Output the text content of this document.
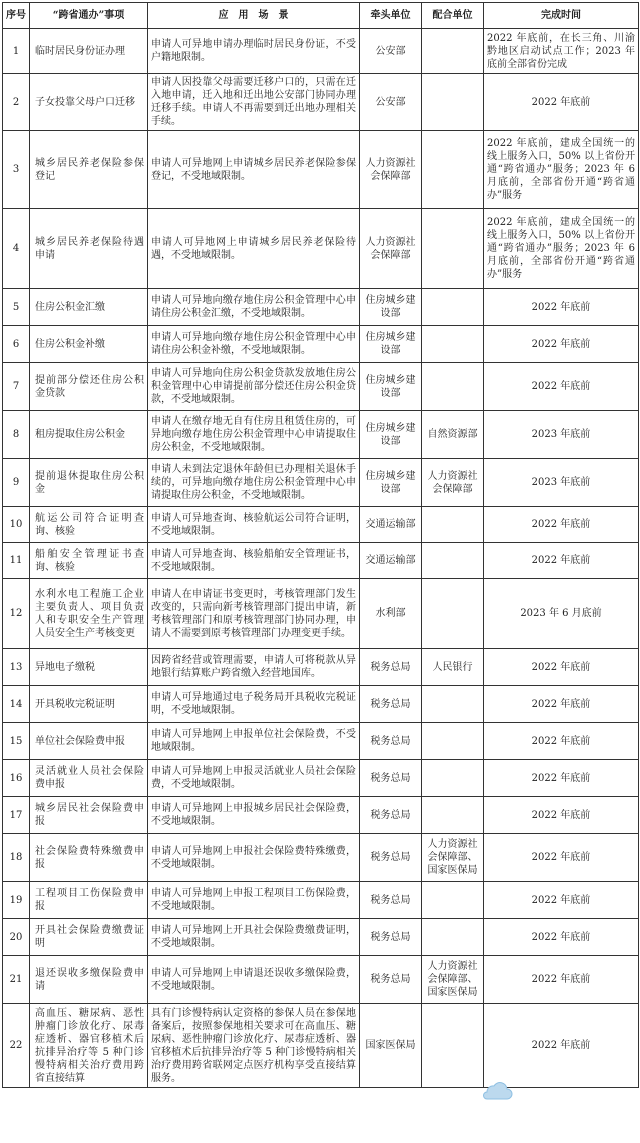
序号	“跨省通办”事项	应　用　场　景	牵头单位	配合单位	完成时间
1	临时居民身份证办理	申请人可异地申请办理临时居民身份证，不受户籍地限制。	公安部		2022 年底前，在长三角、川渝黔地区启动试点工作；2023 年底前全部省份完成
2	子女投靠父母户口迁移	申请人因投靠父母需要迁移户口的，只需在迁入地申请，迁入地和迁出地公安部门协同办理迁移手续。申请人不再需要到迁出地办理相关手续。	公安部		2022 年底前
3	城乡居民养老保险参保登记	申请人可异地网上申请城乡居民养老保险参保登记，不受地域限制。	人力资源社会保障部		2022 年底前，建成全国统一的线上服务入口，50% 以上省份开通“跨省通办”服务；2023 年 6 月底前，全部省份开通“跨省通办”服务
4	城乡居民养老保险待遇申请	申请人可异地网上申请城乡居民养老保险待遇，不受地域限制。	人力资源社会保障部		2022 年底前，建成全国统一的线上服务入口，50% 以上省份开通“跨省通办”服务；2023 年 6 月底前，全部省份开通“跨省通办”服务
5	住房公积金汇缴	申请人可异地向缴存地住房公积金管理中心申请住房公积金汇缴，不受地域限制。	住房城乡建设部		2022 年底前
6	住房公积金补缴	申请人可异地向缴存地住房公积金管理中心申请住房公积金补缴，不受地域限制。	住房城乡建设部		2022 年底前
7	提前部分偿还住房公积金贷款	申请人可异地向住房公积金贷款发放地住房公积金管理中心申请提前部分偿还住房公积金贷款，不受地域限制。	住房城乡建设部		2022 年底前
8	租房提取住房公积金	申请人在缴存地无自有住房且租赁住房的，可异地向缴存地住房公积金管理中心申请提取住房公积金，不受地域限制。	住房城乡建设部	自然资源部	2023 年底前
9	提前退休提取住房公积金	申请人未到法定退休年龄但已办理相关退休手续的，可异地向缴存地住房公积金管理中心申请提取住房公积金，不受地域限制。	住房城乡建设部	人力资源社会保障部	2023 年底前
10	航运公司符合证明查询、核验	申请人可异地查询、核验航运公司符合证明，不受地域限制。	交通运输部		2022 年底前
11	船舶安全管理证书查询、核验	申请人可异地查询、核验船舶安全管理证书，不受地域限制。	交通运输部		2022 年底前
12	水利水电工程施工企业主要负责人、项目负责人和专职安全生产管理人员安全生产考核变更	申请人在申请证书变更时，考核管理部门发生改变的，只需向新考核管理部门提出申请，新考核管理部门和原考核管理部门协同办理，申请人不需要到原考核管理部门办理变更手续。	水利部		2023 年 6 月底前
13	异地电子缴税	因跨省经营或管理需要，申请人可将税款从异地银行结算账户跨省缴入经营地国库。	税务总局	人民银行	2022 年底前
14	开具税收完税证明	申请人可异地通过电子税务局开具税收完税证明，不受地域限制。	税务总局		2022 年底前
15	单位社会保险费申报	申请人可异地网上申报单位社会保险费，不受地域限制。	税务总局		2022 年底前
16	灵活就业人员社会保险费申报	申请人可异地网上申报灵活就业人员社会保险费，不受地域限制。	税务总局		2022 年底前
17	城乡居民社会保险费申报	申请人可异地网上申报城乡居民社会保险费，不受地域限制。	税务总局		2022 年底前
18	社会保险费特殊缴费申报	申请人可异地网上申报社会保险费特殊缴费，不受地域限制。	税务总局	人力资源社会保障部、国家医保局	2022 年底前
19	工程项目工伤保险费申报	申请人可异地网上申报工程项目工伤保险费，不受地域限制。	税务总局		2022 年底前
20	开具社会保险费缴费证明	申请人可异地网上开具社会保险费缴费证明，不受地域限制。	税务总局		2022 年底前
21	退还误收多缴保险费申请	申请人可异地网上申请退还误收多缴保险费，不受地域限制。	税务总局	人力资源社会保障部、国家医保局	2022 年底前
22	高血压、糖尿病、恶性肿瘤门诊放化疗、尿毒症透析、器官移植术后抗排异治疗等 5 种门诊慢特病相关治疗费用跨省直接结算	具有门诊慢特病认定资格的参保人员在参保地备案后，按照参保地相关要求可在高血压、糖尿病、恶性肿瘤门诊放化疗、尿毒症透析、器官移植术后抗排异治疗等 5 种门诊慢特病相关治疗费用跨省联网定点医疗机构享受直接结算服务。	国家医保局		2022 年底前
